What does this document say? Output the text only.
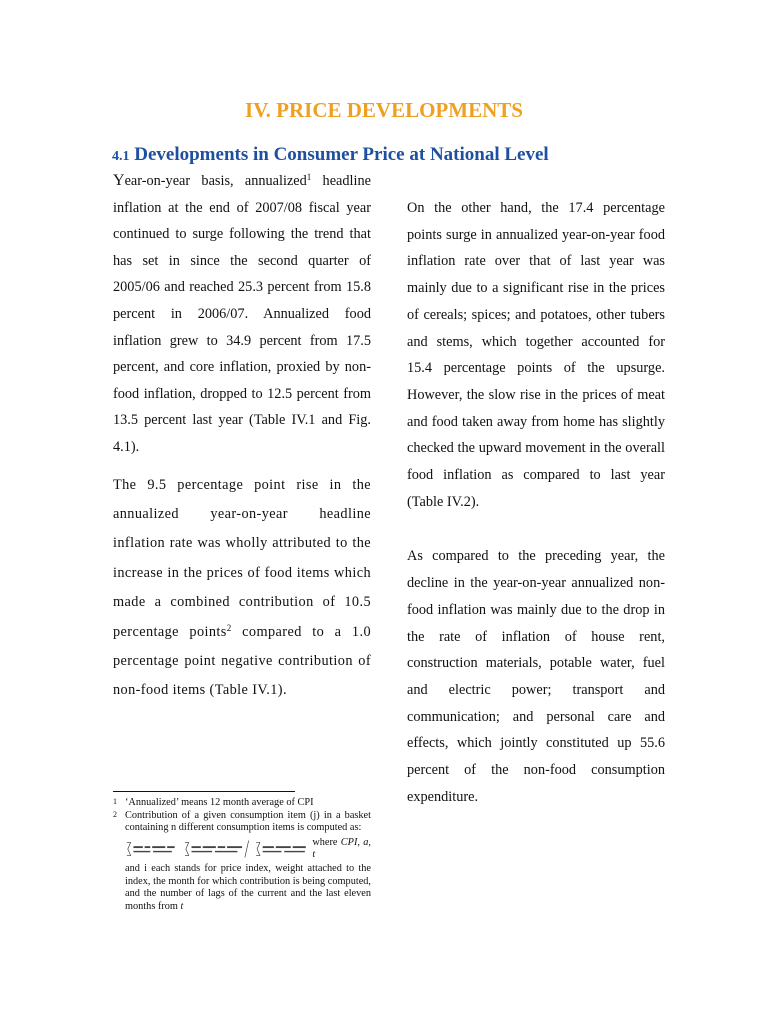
IV. PRICE DEVELOPMENTS
4.1 Developments in Consumer Price at National Level

Year-on-year basis, annualized$^1$ headline inflation at the end of 2007/08 fiscal year continued to surge following the trend that has set in since the second quarter of 2005/06 and reached 25.3 percent from 15.8 percent in 2006/07. Annualized food inflation grew to 34.9 percent from 17.5 percent, and core inflation, proxied by non-food inflation, dropped to 12.5 percent from 13.5 percent last year (Table IV.1 and Fig. 4.1).

The 9.5 percentage point rise in the annualized year-on-year headline inflation rate was wholly attributed to the increase in the prices of food items which made a combined contribution of 10.5 percentage points$^2$ compared to a 1.0 percentage point negative contribution of non-food items (Table IV.1).

On the other hand, the 17.4 percentage points surge in annualized year-on-year food inflation rate over that of last year was mainly due to a significant rise in the prices of cereals; spices; and potatoes, other tubers and stems, which together accounted for 15.4 percentage points of the upsurge. However, the slow rise in the prices of meat and food taken away from home has slightly checked the upward movement in the overall food inflation as compared to last year (Table IV.2).

As compared to the preceding year, the decline in the year-on-year annualized non-food inflation was mainly due to the drop in the rate of inflation of house rent, construction materials, potable water, fuel and electric power; transport and communication; and personal care and effects, which jointly constituted up 55.6 percent of the non-food consumption expenditure.

1 ‘Annualized’ means 12 month average of CPI
2 Contribution of a given consumption item (j) in a basket containing n different consumption items is computed as:
where CPI, a, t
and i each stands for price index, weight attached to the index, the month for which contribution is being computed, and the number of lags of the current and the last eleven months from t
